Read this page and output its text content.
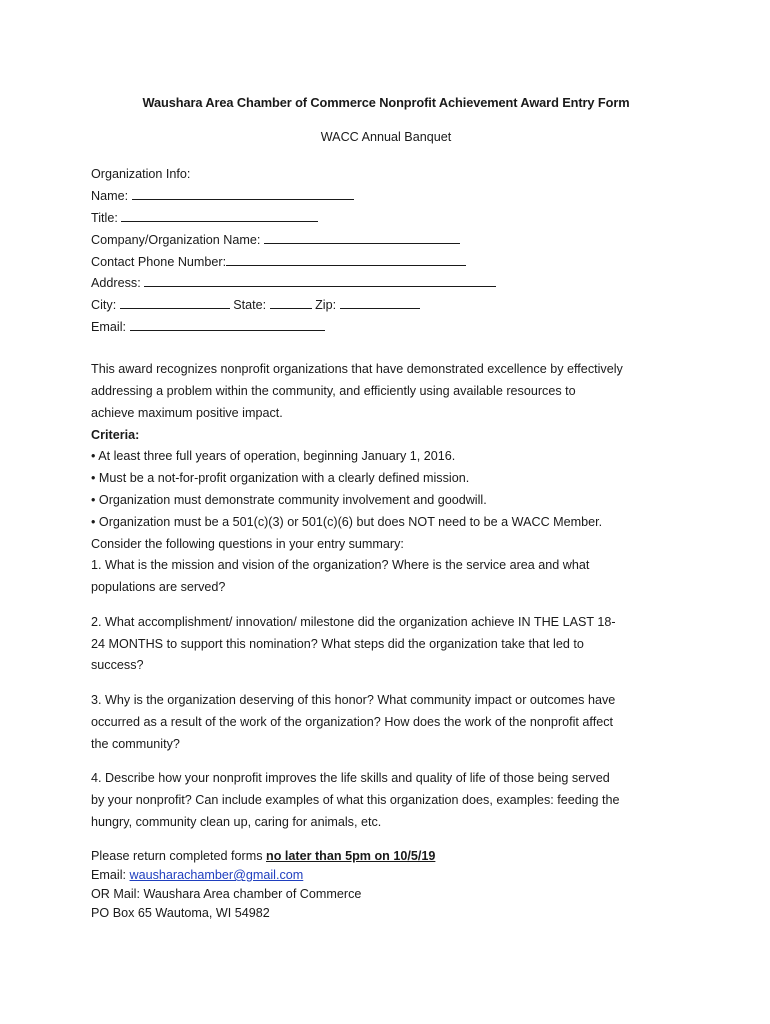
Waushara Area Chamber of Commerce Nonprofit Achievement Award Entry Form
WACC Annual Banquet
Organization Info:
Name:
Title:
Company/Organization Name:
Contact Phone Number:
Address:
City:	State:	Zip:
Email:
This award recognizes nonprofit organizations that have demonstrated excellence by effectively
addressing a problem within the community, and efficiently using available resources to
achieve maximum positive impact.
Criteria:
• At least three full years of operation, beginning January 1, 2016.
• Must be a not-for-profit organization with a clearly defined mission.
• Organization must demonstrate community involvement and goodwill.
• Organization must be a 501(c)(3) or 501(c)(6) but does NOT need to be a WACC Member.
Consider the following questions in your entry summary:
1. What is the mission and vision of the organization? Where is the service area and what
populations are served?
2. What accomplishment/ innovation/ milestone did the organization achieve IN THE LAST 18-
24 MONTHS to support this nomination? What steps did the organization take that led to
success?
3. Why is the organization deserving of this honor? What community impact or outcomes have
occurred as a result of the work of the organization? How does the work of the nonprofit affect
the community?
4. Describe how your nonprofit improves the life skills and quality of life of those being served
by your nonprofit? Can include examples of what this organization does, examples: feeding the
hungry, community clean up, caring for animals, etc.
Please return completed forms no later than 5pm on 10/5/19
Email: wausharachamber@gmail.com
OR Mail: Waushara Area chamber of Commerce
PO Box 65 Wautoma, WI 54982
